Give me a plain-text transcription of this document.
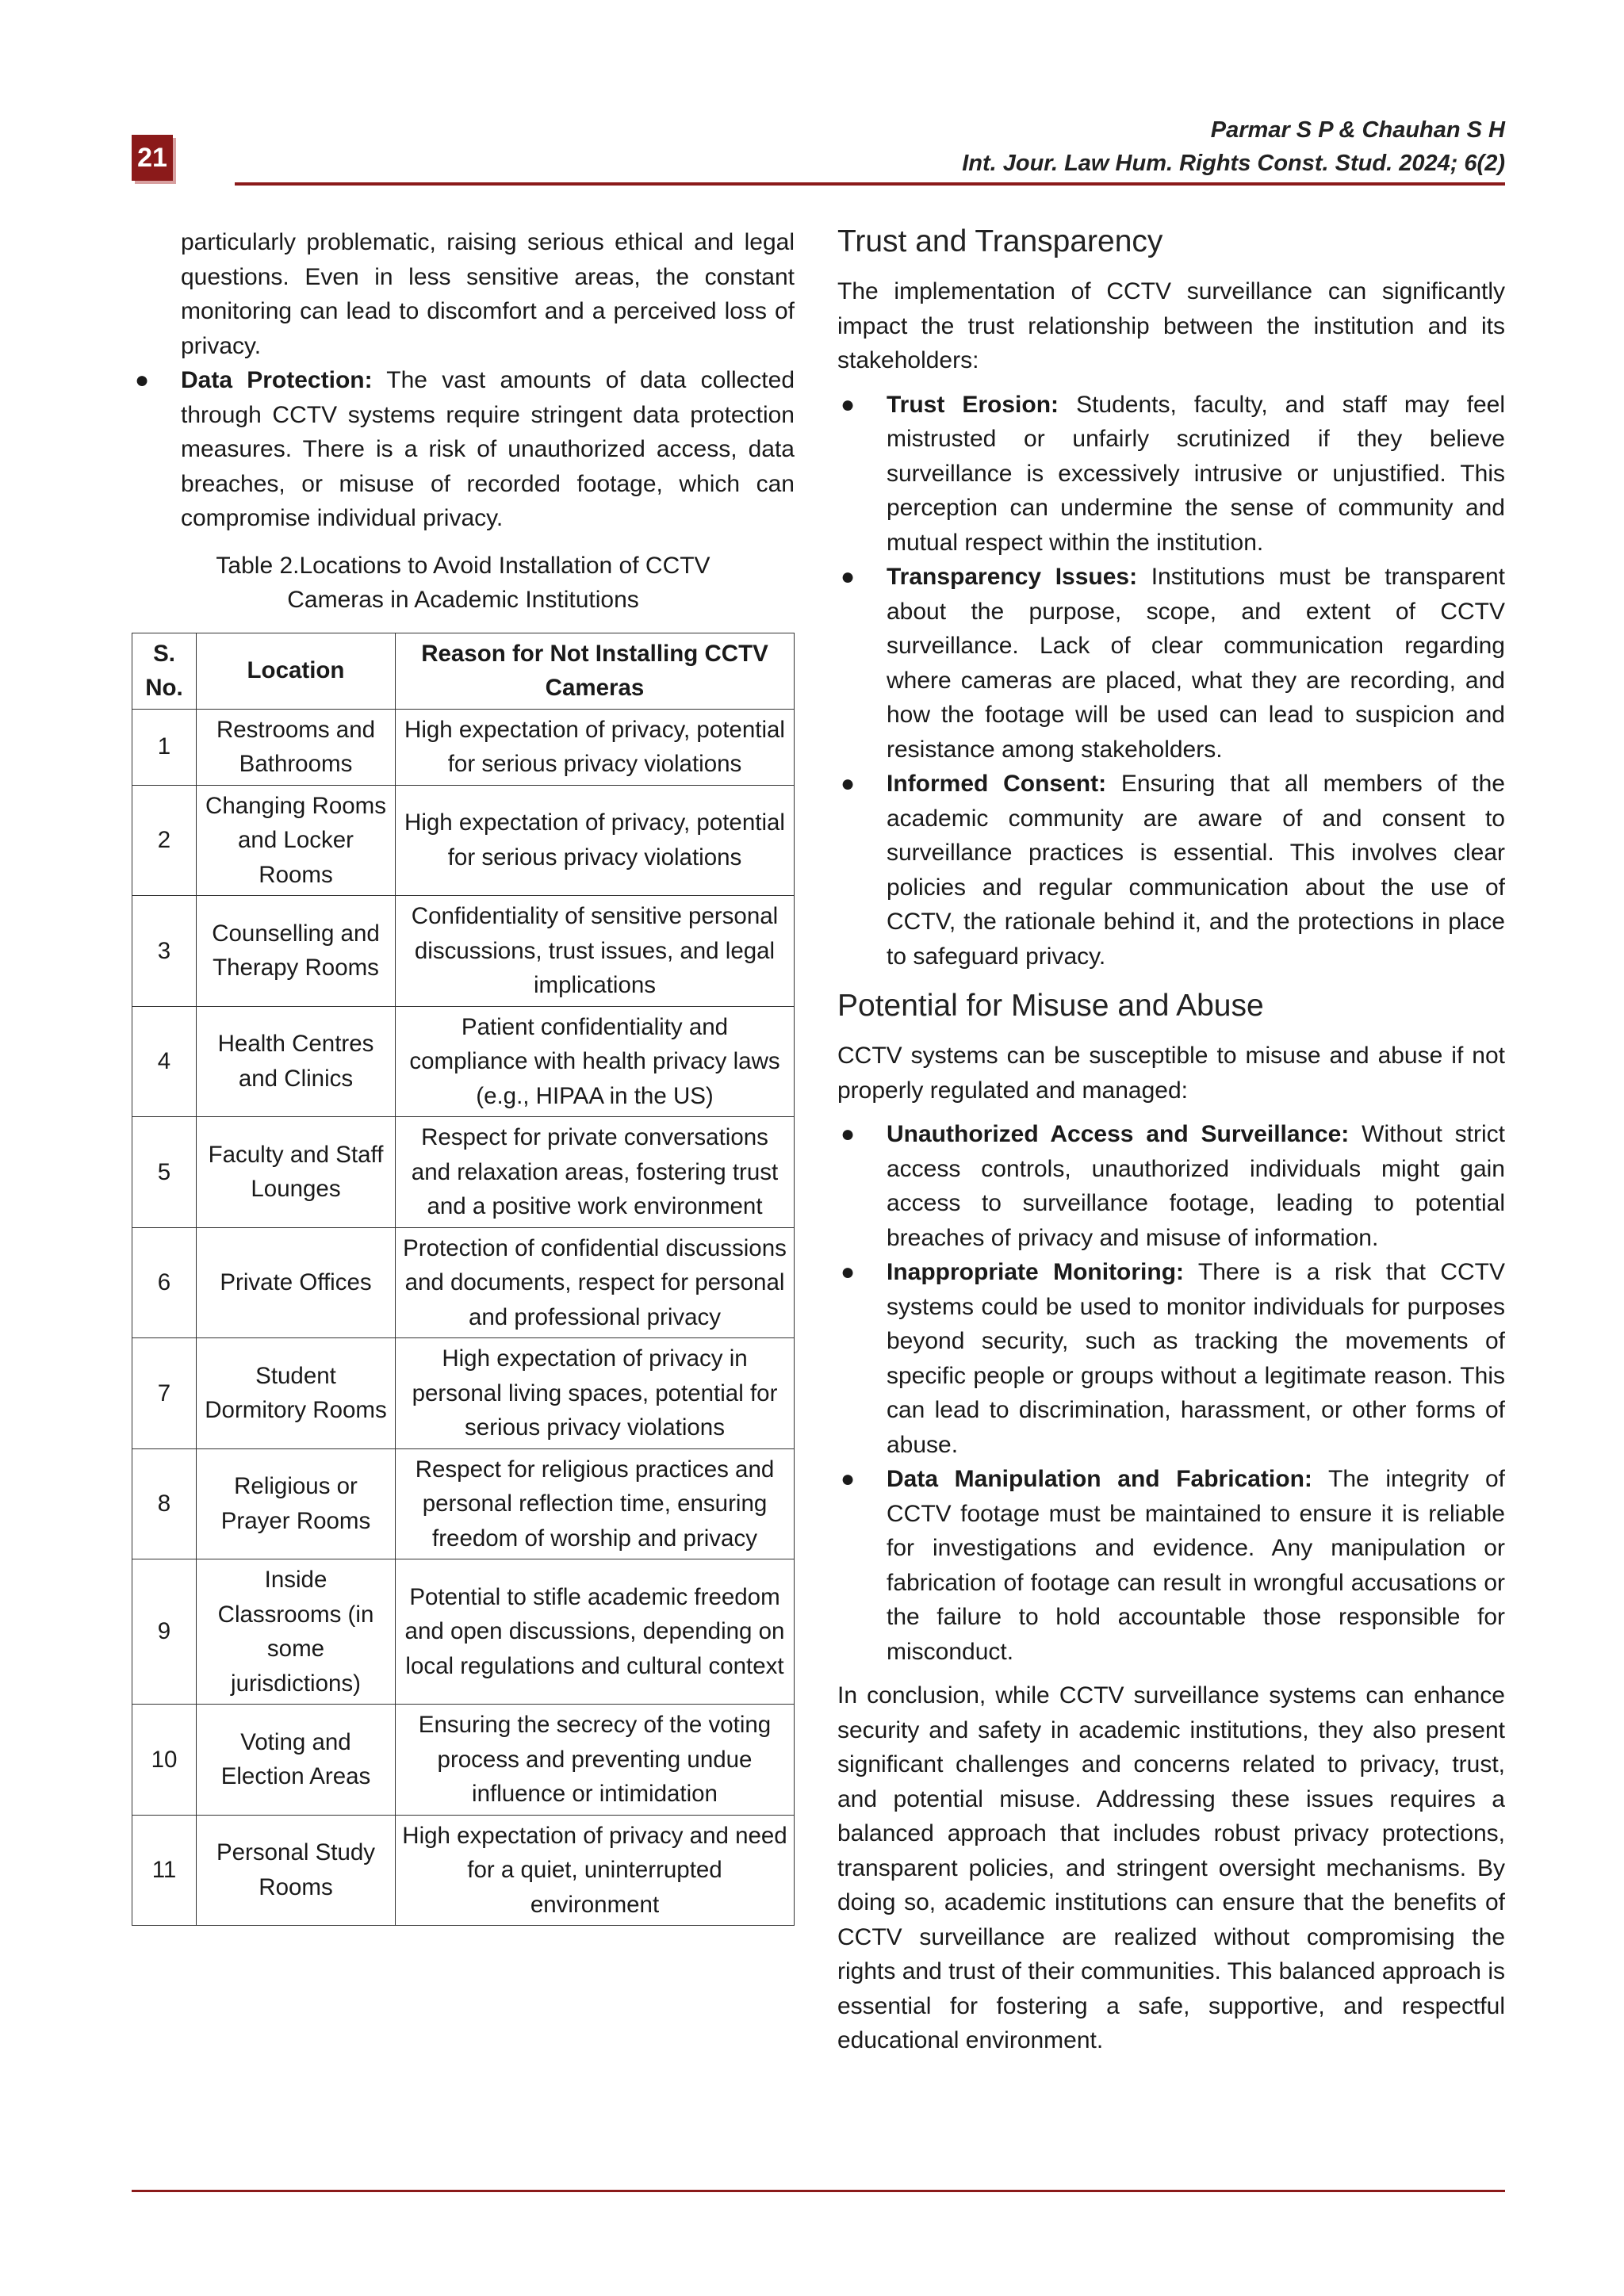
21
Parmar S P & Chauhan S H
Int. Jour. Law Hum. Rights Const. Stud. 2024; 6(2)

particularly problematic, raising serious ethical and legal questions. Even in less sensitive areas, the constant monitoring can lead to discomfort and a perceived loss of privacy.

● Data Protection: The vast amounts of data collected through CCTV systems require stringent data protection measures. There is a risk of unauthorized access, data breaches, or misuse of recorded footage, which can compromise individual privacy.
Table 2.Locations to Avoid Installation of CCTV
Cameras in Academic Institutions
S. No.	Location	Reason for Not Installing CCTV Cameras
1	Restrooms and Bathrooms	High expectation of privacy, potential for serious privacy violations
2	Changing Rooms and Locker Rooms	High expectation of privacy, potential for serious privacy violations
3	Counselling and Therapy Rooms	Confidentiality of sensitive personal discussions, trust issues, and legal implications
4	Health Centres and Clinics	Patient confidentiality and compliance with health privacy laws (e.g., HIPAA in the US)
5	Faculty and Staff Lounges	Respect for private conversations and relaxation areas, fostering trust and a positive work environment
6	Private Offices	Protection of confidential discussions and documents, respect for personal and professional privacy
7	Student Dormitory Rooms	High expectation of privacy in personal living spaces, potential for serious privacy violations
8	Religious or Prayer Rooms	Respect for religious practices and personal reflection time, ensuring freedom of worship and privacy
9	Inside Classrooms (in some jurisdictions)	Potential to stifle academic freedom and open discussions, depending on local regulations and cultural context
10	Voting and Election Areas	Ensuring the secrecy of the voting process and preventing undue influence or intimidation
11	Personal Study Rooms	High expectation of privacy and need for a quiet, uninterrupted environment
Trust and Transparency

The implementation of CCTV surveillance can significantly impact the trust relationship between the institution and its stakeholders:

● Trust Erosion: Students, faculty, and staff may feel mistrusted or unfairly scrutinized if they believe surveillance is excessively intrusive or unjustified. This perception can undermine the sense of community and mutual respect within the institution.
● Transparency Issues: Institutions must be transparent about the purpose, scope, and extent of CCTV surveillance. Lack of clear communication regarding where cameras are placed, what they are recording, and how the footage will be used can lead to suspicion and resistance among stakeholders.
● Informed Consent: Ensuring that all members of the academic community are aware of and consent to surveillance practices is essential. This involves clear policies and regular communication about the use of CCTV, the rationale behind it, and the protections in place to safeguard privacy.
Potential for Misuse and Abuse

CCTV systems can be susceptible to misuse and abuse if not properly regulated and managed:

● Unauthorized Access and Surveillance: Without strict access controls, unauthorized individuals might gain access to surveillance footage, leading to potential breaches of privacy and misuse of information.
● Inappropriate Monitoring: There is a risk that CCTV systems could be used to monitor individuals for purposes beyond security, such as tracking the movements of specific people or groups without a legitimate reason. This can lead to discrimination, harassment, or other forms of abuse.
● Data Manipulation and Fabrication: The integrity of CCTV footage must be maintained to ensure it is reliable for investigations and evidence. Any manipulation or fabrication of footage can result in wrongful accusations or the failure to hold accountable those responsible for misconduct.

In conclusion, while CCTV surveillance systems can enhance security and safety in academic institutions, they also present significant challenges and concerns related to privacy, trust, and potential misuse. Addressing these issues requires a balanced approach that includes robust privacy protections, transparent policies, and stringent oversight mechanisms. By doing so, academic institutions can ensure that the benefits of CCTV surveillance are realized without compromising the rights and trust of their communities. This balanced approach is essential for fostering a safe, supportive, and respectful educational environment.
